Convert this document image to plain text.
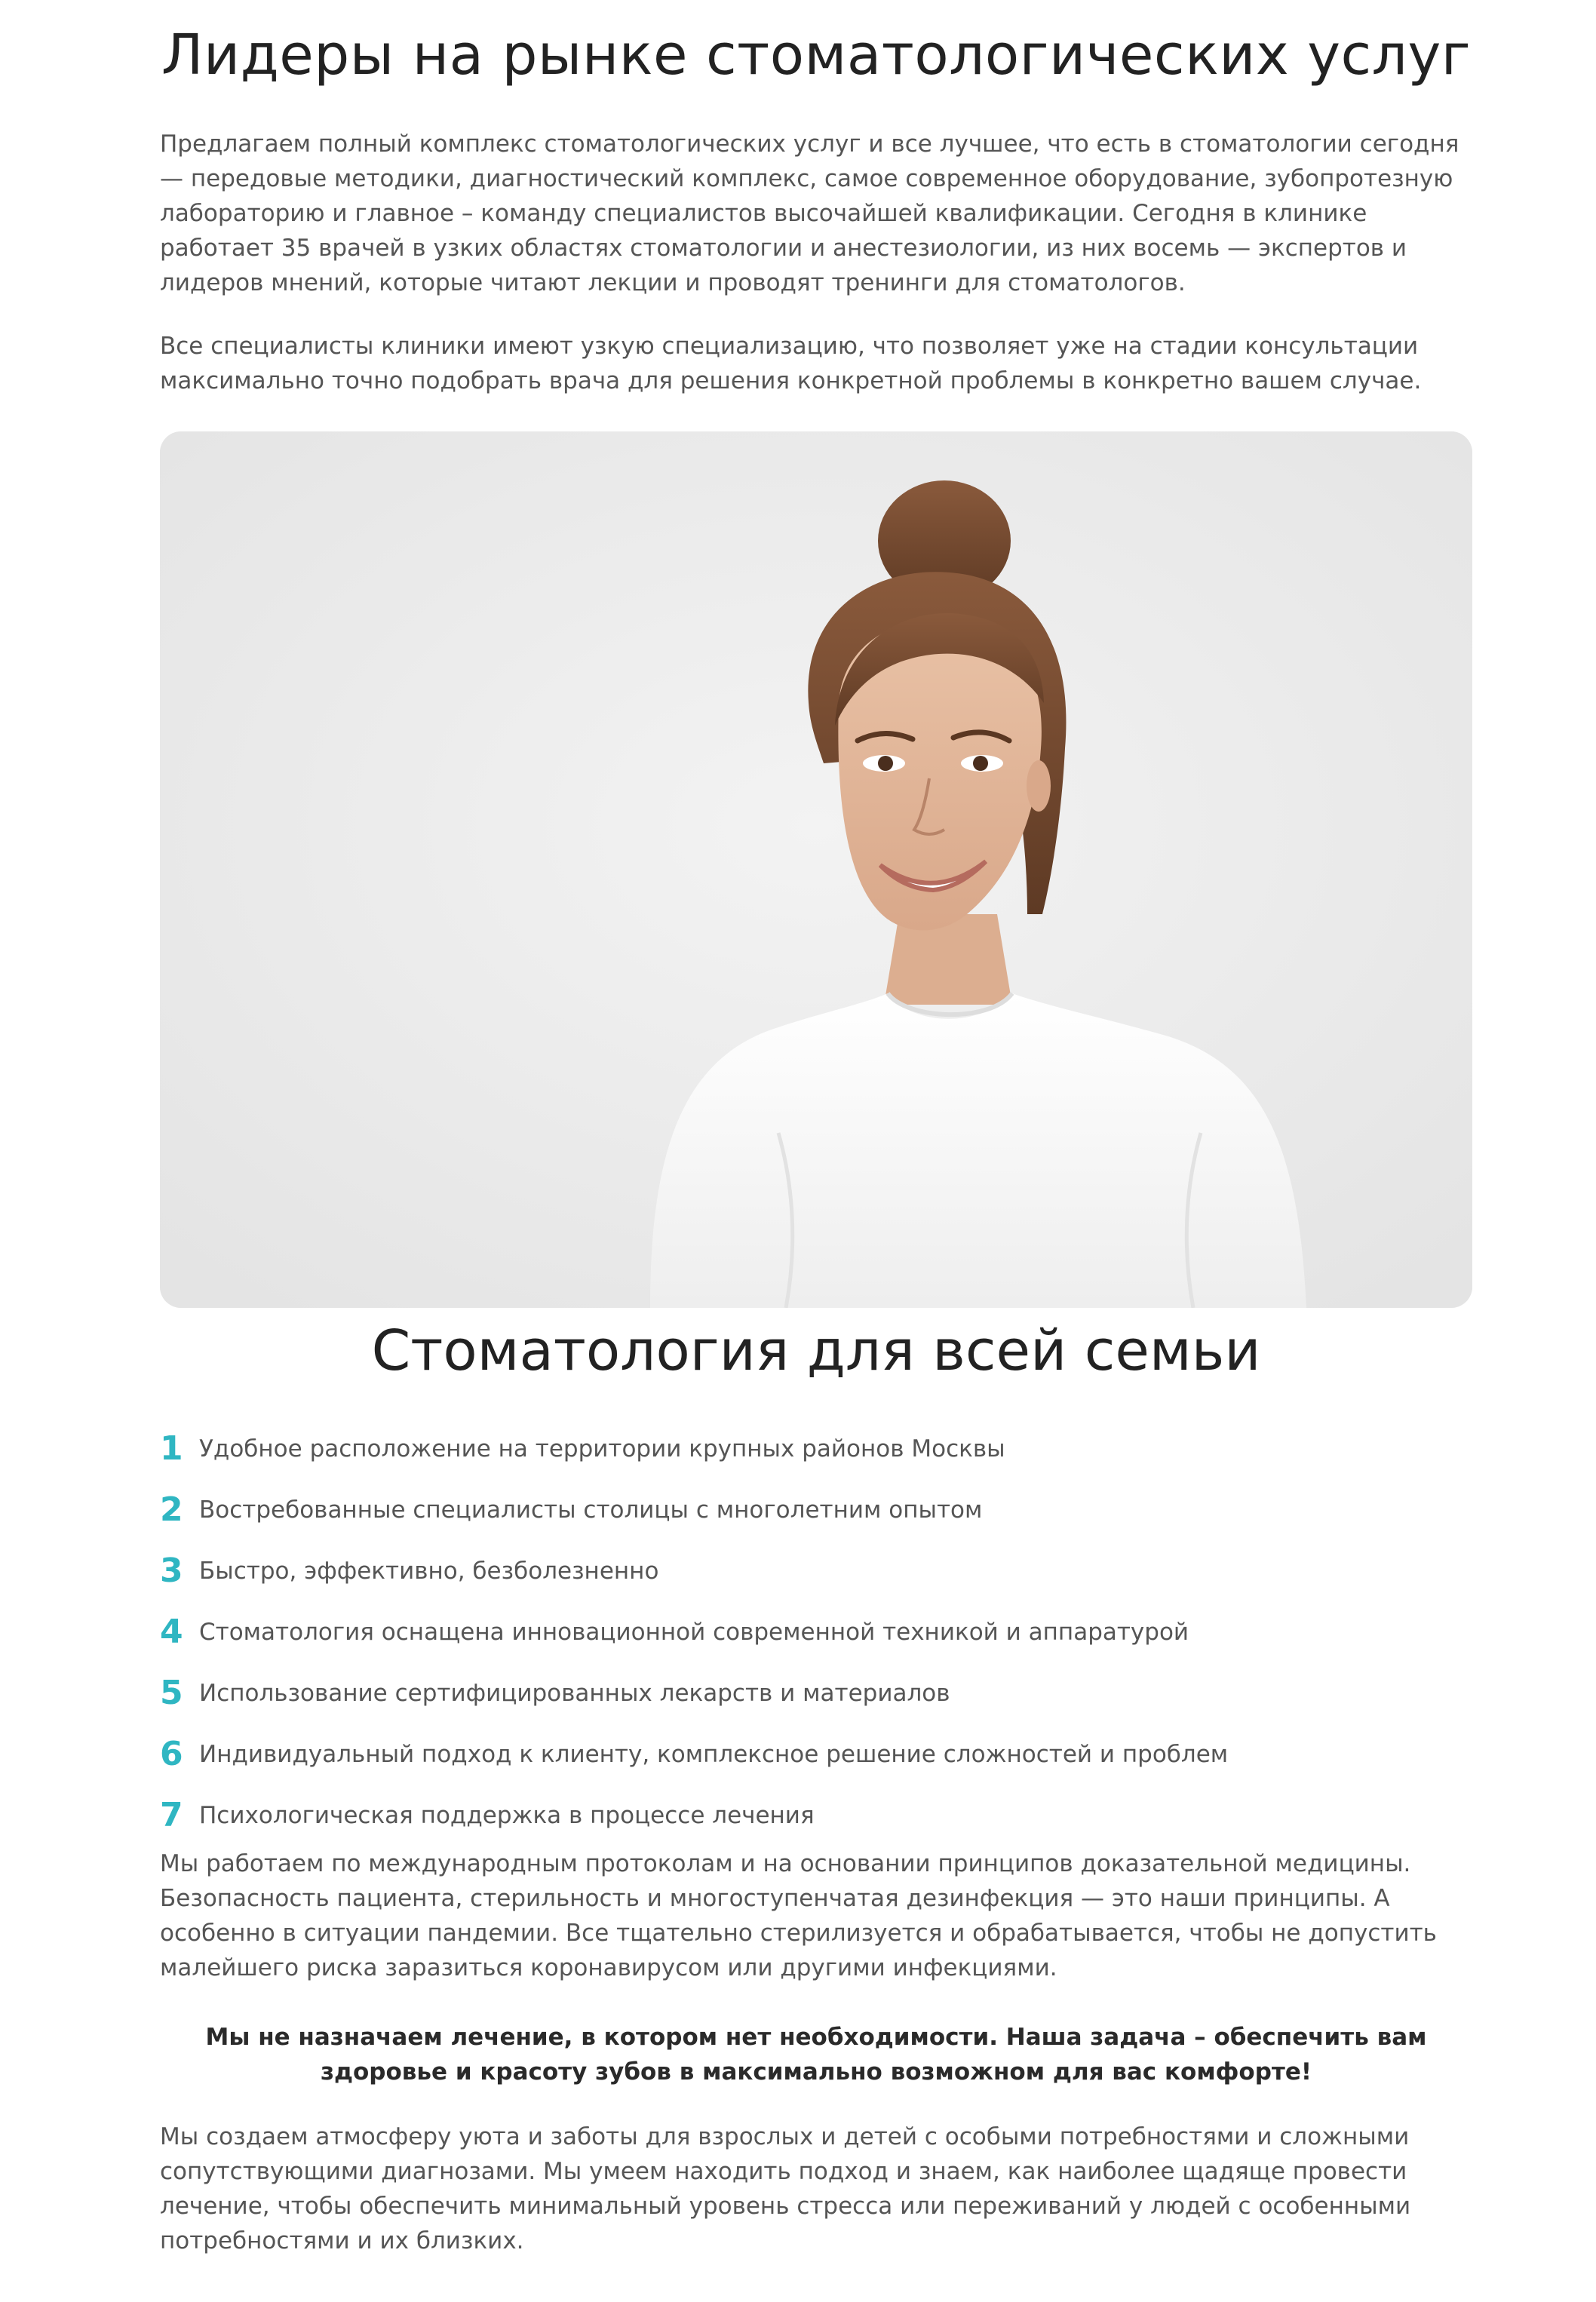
Лидеры на рынке стоматологических услуг

Предлагаем полный комплекс стоматологических услуг и все лучшее, что есть в стоматологии сегодня — передовые методики, диагностический комплекс, самое современное оборудование, зубопротезную лабораторию и главное – команду специалистов высочайшей квалификации. Сегодня в клинике работает 35 врачей в узких областях стоматологии и анестезиологии, из них восемь — экспертов и лидеров мнений, которые читают лекции и проводят тренинги для стоматологов.

Все специалисты клиники имеют узкую специализацию, что позволяет уже на стадии консультации максимально точно подобрать врача для решения конкретной проблемы в конкретно вашем случае.

Стоматология для всей семьи
1 Удобное расположение на территории крупных районов Москвы
2 Востребованные специалисты столицы с многолетним опытом
3 Быстро, эффективно, безболезненно
4 Стоматология оснащена инновационной современной техникой и аппаратурой
5 Использование сертифицированных лекарств и материалов
6 Индивидуальный подход к клиенту, комплексное решение сложностей и проблем
7 Психологическая поддержка в процессе лечения

Мы работаем по международным протоколам и на основании принципов доказательной медицины. Безопасность пациента, стерильность и многоступенчатая дезинфекция — это наши принципы. А особенно в ситуации пандемии. Все тщательно стерилизуется и обрабатывается, чтобы не допустить малейшего риска заразиться коронавирусом или другими инфекциями.

Мы не назначаем лечение, в котором нет необходимости. Наша задача – обеспечить вам здоровье и красоту зубов в максимально возможном для вас комфорте!

Мы создаем атмосферу уюта и заботы для взрослых и детей с особыми потребностями и сложными сопутствующими диагнозами. Мы умеем находить подход и знаем, как наиболее щадяще провести лечение, чтобы обеспечить минимальный уровень стресса или переживаний у людей с особенными потребностями и их близких.
